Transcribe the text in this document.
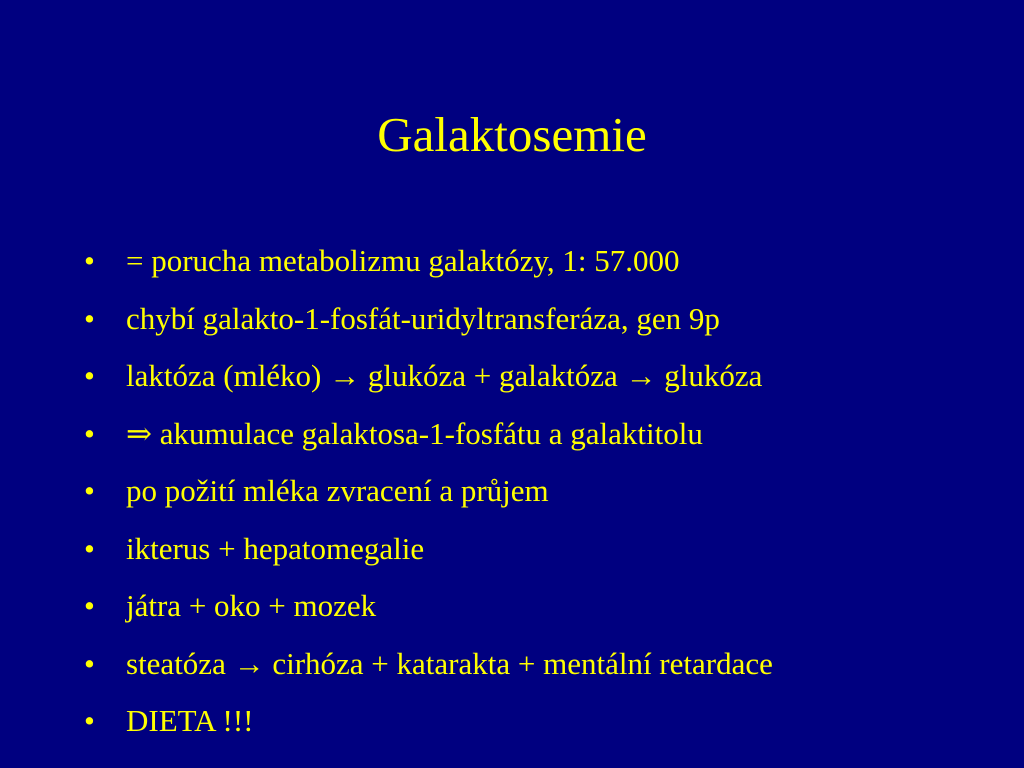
Galaktosemie
•	= porucha metabolizmu galaktózy, 1: 57.000
•	chybí galakto-1-fosfát-uridyltransferáza, gen 9p
•	laktóza (mléko) → glukóza + galaktóza → glukóza
•	⇒ akumulace galaktosa-1-fosfátu a galaktitolu
•	po požití mléka zvracení a průjem
•	ikterus + hepatomegalie
•	játra + oko + mozek
•	steatóza → cirhóza + katarakta + mentální retardace
•	DIETA !!!
